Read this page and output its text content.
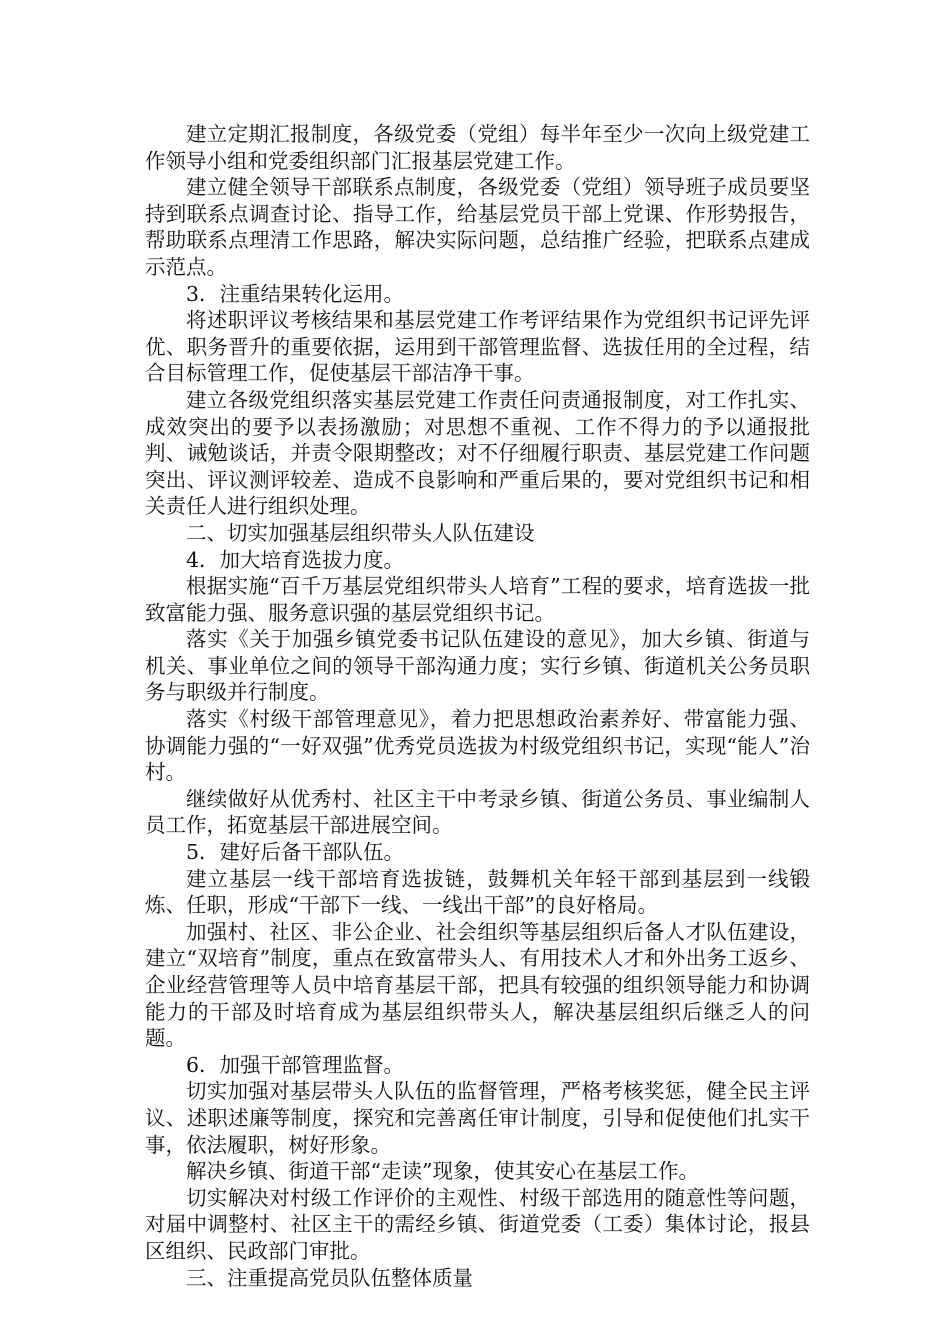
建立定期汇报制度，各级党委（党组）每半年至少一次向上级党建工作领导小组和党委组织部门汇报基层党建工作。

建立健全领导干部联系点制度，各级党委（党组）领导班子成员要坚持到联系点调查讨论、指导工作，给基层党员干部上党课、作形势报告，帮助联系点理清工作思路，解决实际问题，总结推广经验，把联系点建成示范点。

3．注重结果转化运用。

将述职评议考核结果和基层党建工作考评结果作为党组织书记评先评优、职务晋升的重要依据，运用到干部管理监督、选拔任用的全过程，结合目标管理工作，促使基层干部洁净干事。

建立各级党组织落实基层党建工作责任问责通报制度，对工作扎实、成效突出的要予以表扬激励；对思想不重视、工作不得力的予以通报批判、诫勉谈话，并责令限期整改；对不仔细履行职责、基层党建工作问题突出、评议测评较差、造成不良影响和严重后果的，要对党组织书记和相关责任人进行组织处理。

二、切实加强基层组织带头人队伍建设

4．加大培育选拔力度。

根据实施“百千万基层党组织带头人培育”工程的要求，培育选拔一批致富能力强、服务意识强的基层党组织书记。

落实《关于加强乡镇党委书记队伍建设的意见》，加大乡镇、街道与机关、事业单位之间的领导干部沟通力度；实行乡镇、街道机关公务员职务与职级并行制度。

落实《村级干部管理意见》，着力把思想政治素养好、带富能力强、协调能力强的“一好双强”优秀党员选拔为村级党组织书记，实现“能人”治村。

继续做好从优秀村、社区主干中考录乡镇、街道公务员、事业编制人员工作，拓宽基层干部进展空间。

5．建好后备干部队伍。

建立基层一线干部培育选拔链，鼓舞机关年轻干部到基层到一线锻炼、任职，形成“干部下一线、一线出干部”的良好格局。

加强村、社区、非公企业、社会组织等基层组织后备人才队伍建设，建立“双培育”制度，重点在致富带头人、有用技术人才和外出务工返乡、企业经营管理等人员中培育基层干部，把具有较强的组织领导能力和协调能力的干部及时培育成为基层组织带头人，解决基层组织后继乏人的问题。

6．加强干部管理监督。

切实加强对基层带头人队伍的监督管理，严格考核奖惩，健全民主评议、述职述廉等制度，探究和完善离任审计制度，引导和促使他们扎实干事，依法履职，树好形象。

解决乡镇、街道干部“走读”现象，使其安心在基层工作。

切实解决对村级工作评价的主观性、村级干部选用的随意性等问题，对届中调整村、社区主干的需经乡镇、街道党委（工委）集体讨论，报县区组织、民政部门审批。

三、注重提高党员队伍整体质量
